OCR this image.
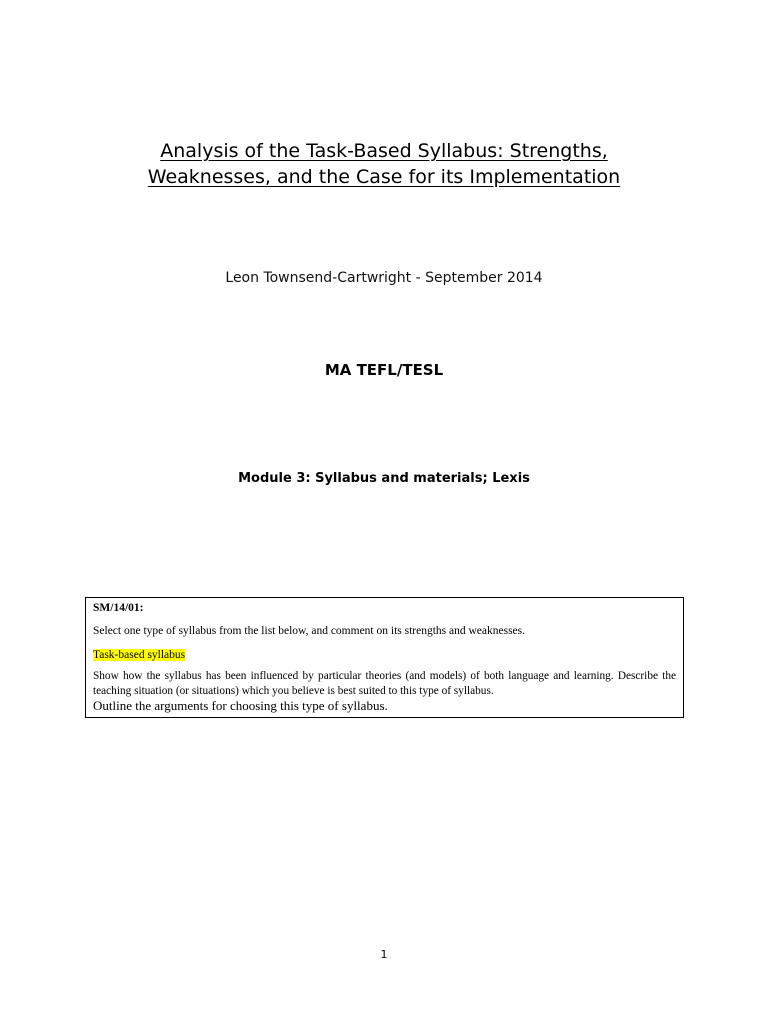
Analysis of the Task-Based Syllabus: Strengths,
Weaknesses, and the Case for its Implementation
Leon Townsend-Cartwright - September 2014
MA TEFL/TESL
Module 3: Syllabus and materials; Lexis

SM/14/01:

Select one type of syllabus from the list below, and comment on its strengths and weaknesses.

Task-based syllabus

Show how the syllabus has been influenced by particular theories (and models) of both language and learning. Describe the teaching situation (or situations) which you believe is best suited to this type of syllabus.

Outline the arguments for choosing this type of syllabus.

1
